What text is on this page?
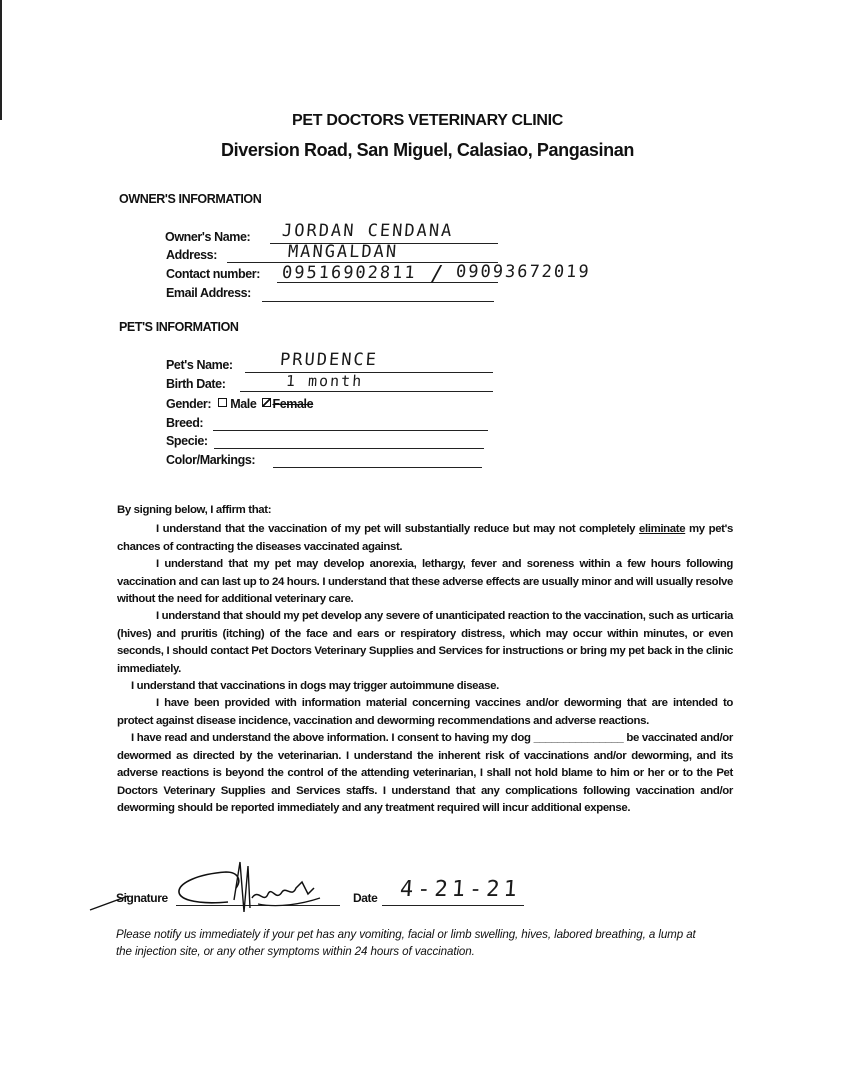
PET DOCTORS VETERINARY CLINIC
Diversion Road, San Miguel, Calasiao, Pangasinan
OWNER'S INFORMATION
Owner's Name: JORDAN CENDANA
Address:	MANGALDAN
Contact number: 09516902811 / 09093672019
Email Address:
PET'S INFORMATION
Pet's Name:	PRUDENCE
Birth Date:	1 month
Gender: Male Female
Breed:
Specie:
Color/Markings:

By signing below, I affirm that:

I understand that the vaccination of my pet will substantially reduce but may not completely eliminate my pet's chances of contracting the diseases vaccinated against.

I understand that my pet may develop anorexia, lethargy, fever and soreness within a few hours following vaccination and can last up to 24 hours. I understand that these adverse effects are usually minor and will usually resolve without the need for additional veterinary care.

I understand that should my pet develop any severe of unanticipated reaction to the vaccination, such as urticaria (hives) and pruritis (itching) of the face and ears or respiratory distress, which may occur within minutes, or even seconds, I should contact Pet Doctors Veterinary Supplies and Services for instructions or bring my pet back in the clinic immediately.

I understand that vaccinations in dogs may trigger autoimmune disease.

I have been provided with information material concerning vaccines and/or deworming that are intended to protect against disease incidence, vaccination and deworming recommendations and adverse reactions.

I have read and understand the above information. I consent to having my dog _______________ be vaccinated and/or dewormed as directed by the veterinarian. I understand the inherent risk of vaccinations and/or deworming, and its adverse reactions is beyond the control of the attending veterinarian, I shall not hold blame to him or her or to the Pet Doctors Veterinary Supplies and Services staffs. I understand that any complications following vaccination and/or deworming should be reported immediately and any treatment required will incur additional expense.

Signature	Date 4-21-21
Please notify us immediately if your pet has any vomiting, facial or limb swelling, hives, labored breathing, a lump at the injection site, or any other symptoms within 24 hours of vaccination.
